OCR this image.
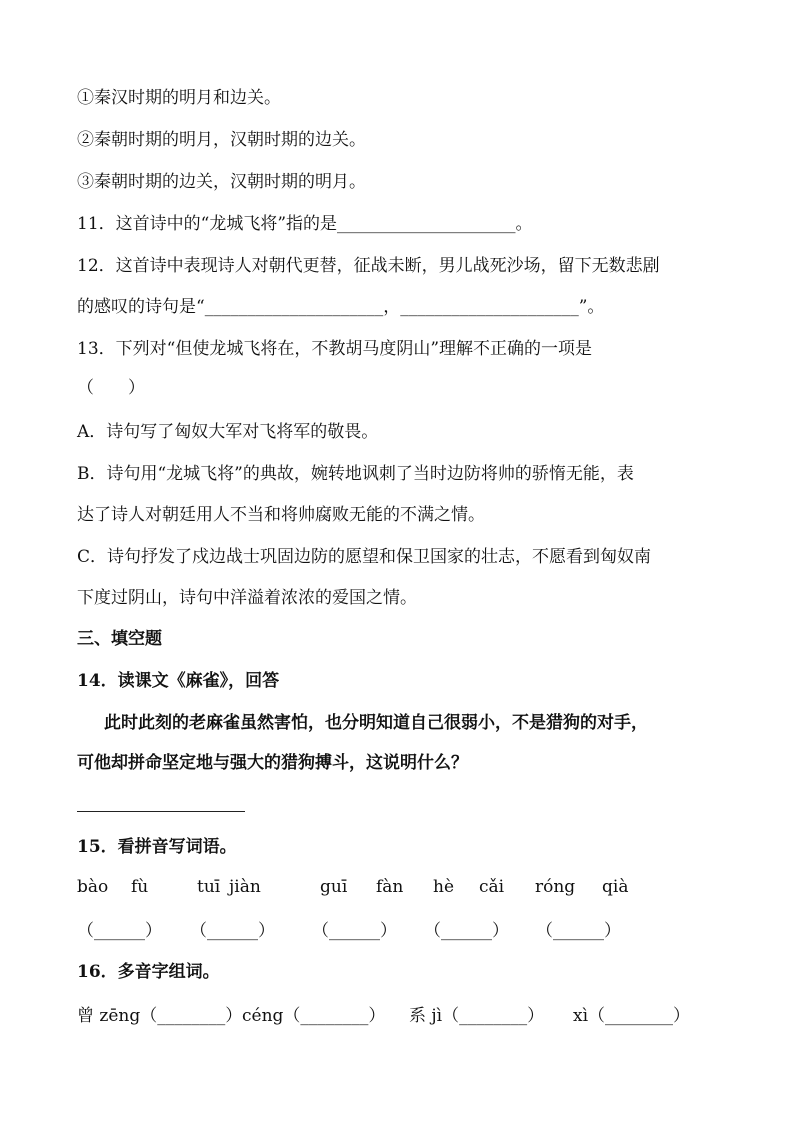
①秦汉时期的明月和边关。
②秦朝时期的明月，汉朝时期的边关。
③秦朝时期的边关，汉朝时期的明月。
11．这首诗中的“龙城飞将”指的是_____________________。
12．这首诗中表现诗人对朝代更替，征战未断，男儿战死沙场，留下无数悲剧
的感叹的诗句是“_____________________，_____________________”。
13．下列对“但使龙城飞将在，不教胡马度阴山”理解不正确的一项是
（　　）
A．诗句写了匈奴大军对飞将军的敬畏。
B．诗句用“龙城飞将”的典故，婉转地讽刺了当时边防将帅的骄惰无能，表
达了诗人对朝廷用人不当和将帅腐败无能的不满之情。
C．诗句抒发了戍边战士巩固边防的愿望和保卫国家的壮志，不愿看到匈奴南
下度过阴山，诗句中洋溢着浓浓的爱国之情。
三、填空题
14．读课文《麻雀》，回答
此时此刻的老麻雀虽然害怕，也分明知道自己很弱小，不是猎狗的对手，
可他却拼命坚定地与强大的猎狗搏斗，这说明什么？
15．看拼音写词语。
bào fù	tuī jiàn	guī fàn hè cǎi róng qià
（______） （______） （______） （______） （______）
16．多音字组词。
曾 zēng（________） céng（________） 系 jì（________） xì（________）
